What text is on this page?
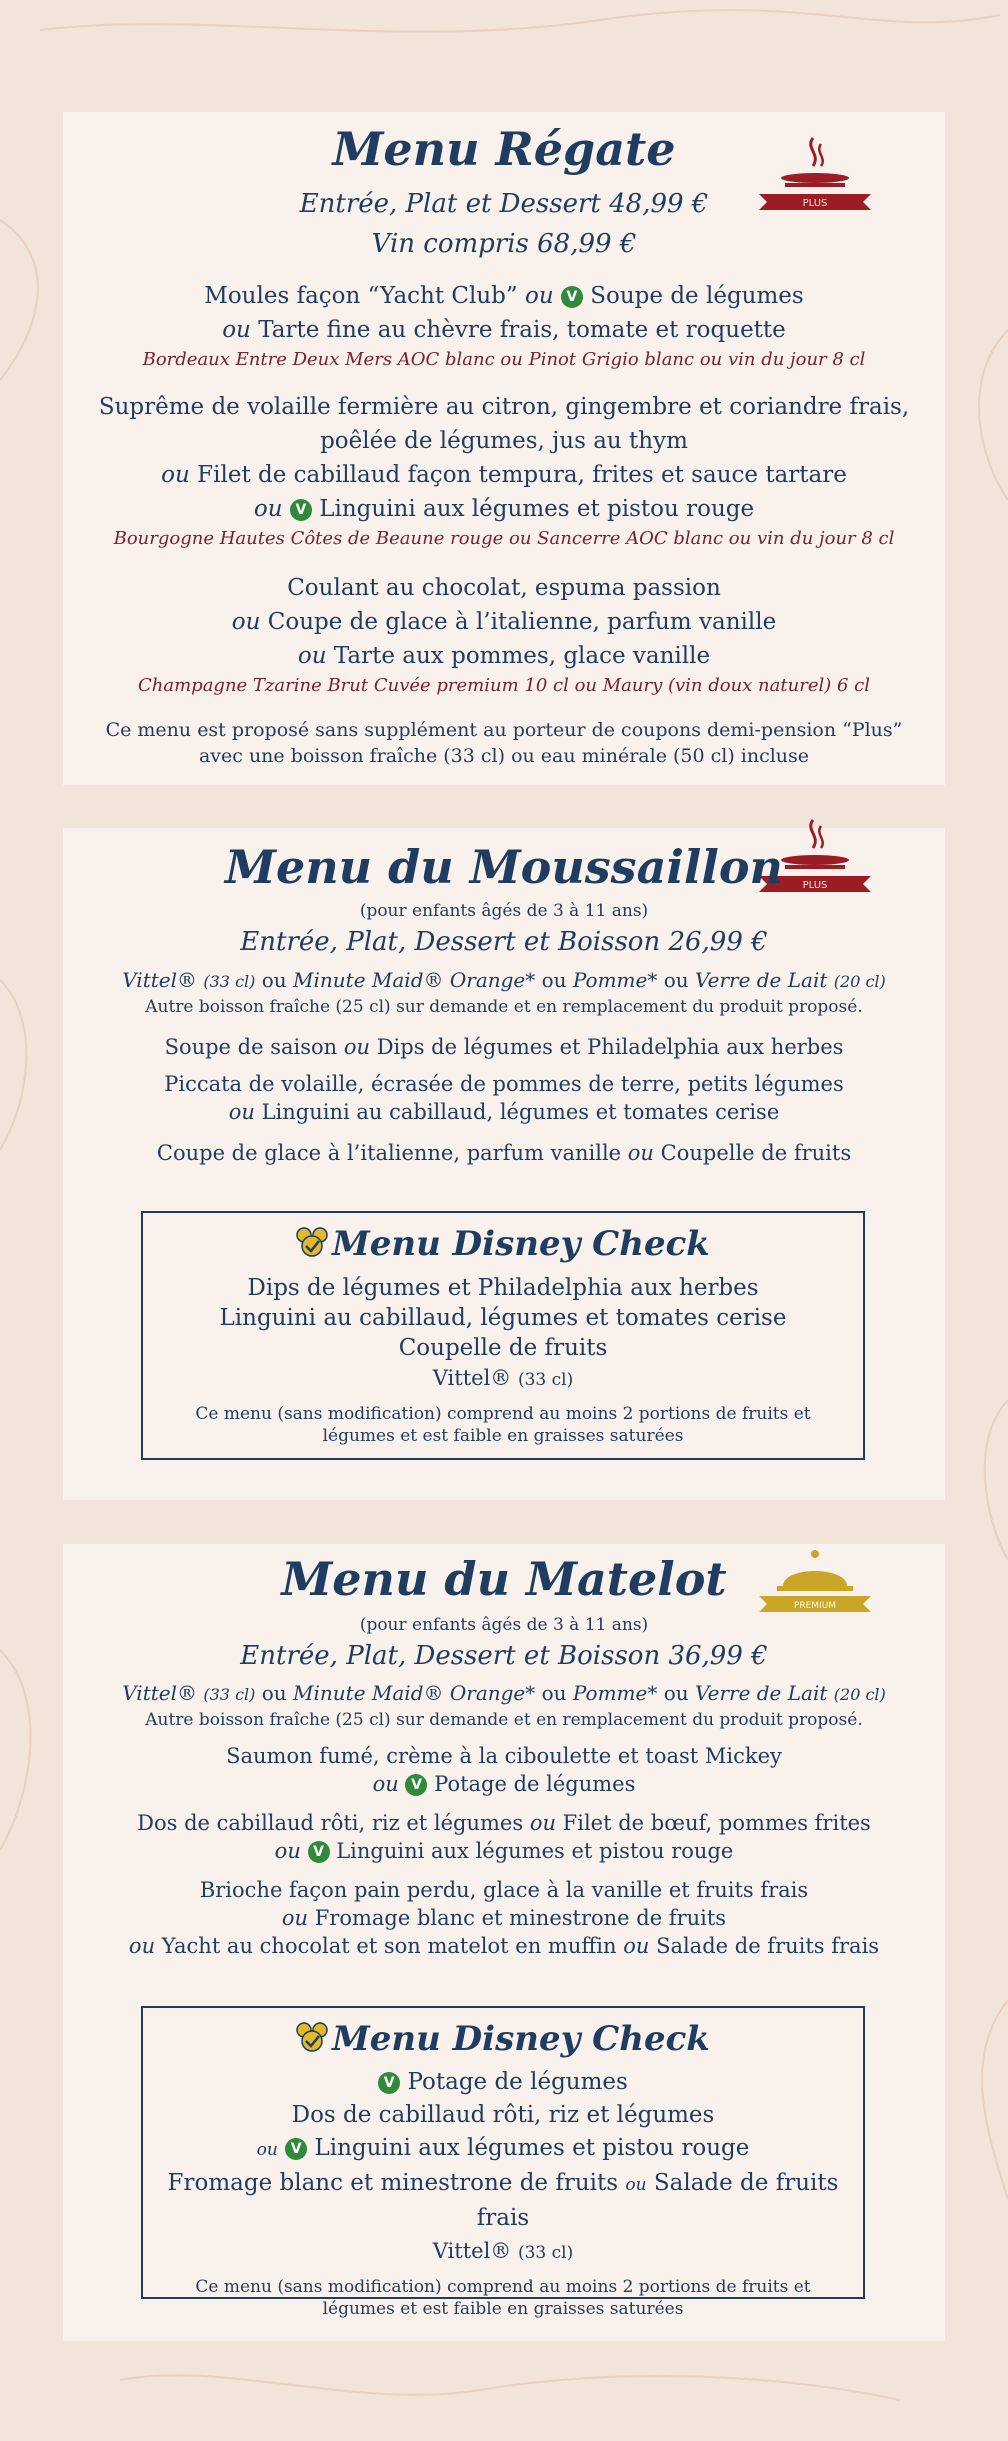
PLUS
Menu Régate
Entrée, Plat et Dessert 48,99 €
Vin compris 68,99 €
Moules façon “Yacht Club” ou V Soupe de légumes
ou Tarte fine au chèvre frais, tomate et roquette
Bordeaux Entre Deux Mers AOC blanc ou Pinot Grigio blanc ou vin du jour 8 cl
Suprême de volaille fermière au citron, gingembre et coriandre frais,
poêlée de légumes, jus au thym
ou Filet de cabillaud façon tempura, frites et sauce tartare
ou V Linguini aux légumes et pistou rouge
Bourgogne Hautes Côtes de Beaune rouge ou Sancerre AOC blanc ou vin du jour 8 cl
Coulant au chocolat, espuma passion
ou Coupe de glace à l’italienne, parfum vanille
ou Tarte aux pommes, glace vanille
Champagne Tzarine Brut Cuvée premium 10 cl ou Maury (vin doux naturel) 6 cl
Ce menu est proposé sans supplément au porteur de coupons demi-pension “Plus”
avec une boisson fraîche (33 cl) ou eau minérale (50 cl) incluse
PLUS
Menu du Moussaillon
(pour enfants âgés de 3 à 11 ans)
Entrée, Plat, Dessert et Boisson 26,99 €
Vittel® (33 cl) ou Minute Maid® Orange* ou Pomme* ou Verre de Lait (20 cl)
Autre boisson fraîche (25 cl) sur demande et en remplacement du produit proposé.
Soupe de saison ou Dips de légumes et Philadelphia aux herbes
Piccata de volaille, écrasée de pommes de terre, petits légumes
ou Linguini au cabillaud, légumes et tomates cerise
Coupe de glace à l’italienne, parfum vanille ou Coupelle de fruits
Menu Disney Check
Dips de légumes et Philadelphia aux herbes
Linguini au cabillaud, légumes et tomates cerise
Coupelle de fruits
Vittel® (33 cl)
Ce menu (sans modification) comprend au moins 2 portions de fruits et
légumes et est faible en graisses saturées
PREMIUM
Menu du Matelot
(pour enfants âgés de 3 à 11 ans)
Entrée, Plat, Dessert et Boisson 36,99 €
Vittel® (33 cl) ou Minute Maid® Orange* ou Pomme* ou Verre de Lait (20 cl)
Autre boisson fraîche (25 cl) sur demande et en remplacement du produit proposé.
Saumon fumé, crème à la ciboulette et toast Mickey
ou V Potage de légumes
Dos de cabillaud rôti, riz et légumes ou Filet de bœuf, pommes frites
ou V Linguini aux légumes et pistou rouge
Brioche façon pain perdu, glace à la vanille et fruits frais
ou Fromage blanc et minestrone de fruits
ou Yacht au chocolat et son matelot en muffin ou Salade de fruits frais
Menu Disney Check
V Potage de légumes
Dos de cabillaud rôti, riz et légumes
ou V Linguini aux légumes et pistou rouge
Fromage blanc et minestrone de fruits ou Salade de fruits frais
Vittel® (33 cl)
Ce menu (sans modification) comprend au moins 2 portions de fruits et
légumes et est faible en graisses saturées
